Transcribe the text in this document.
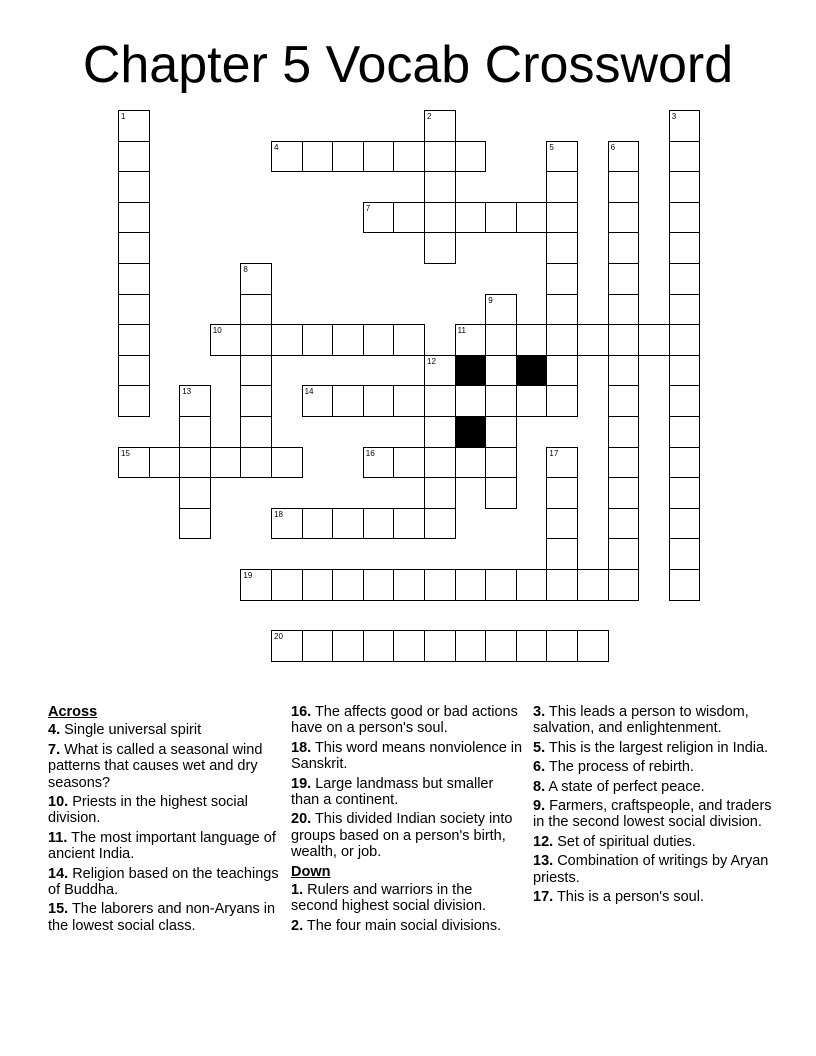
Chapter 5 Vocab Crossword
4
7
10	11
12
14
15	16
18
19
20
1	2	3
5	6
8
9
13
17
Across
4. Single universal spirit
7. What is called a seasonal wind patterns that causes wet and dry seasons?
10. Priests in the highest social division.
11. The most important language of ancient India.
14. Religion based on the teachings of Buddha.
15. The laborers and non-Aryans in the lowest social class.
16. The affects good or bad actions have on a person's soul.
18. This word means nonviolence in Sanskrit.
19. Large landmass but smaller than a continent.
20. This divided Indian society into groups based on a person's birth, wealth, or job.
Down
1. Rulers and warriors in the second highest social division.
2. The four main social divisions.
3. This leads a person to wisdom, salvation, and enlightenment.
5. This is the largest religion in India.
6. The process of rebirth.
8. A state of perfect peace.
9. Farmers, craftspeople, and traders in the second lowest social division.
12. Set of spiritual duties.
13. Combination of writings by Aryan priests.
17. This is a person's soul.
